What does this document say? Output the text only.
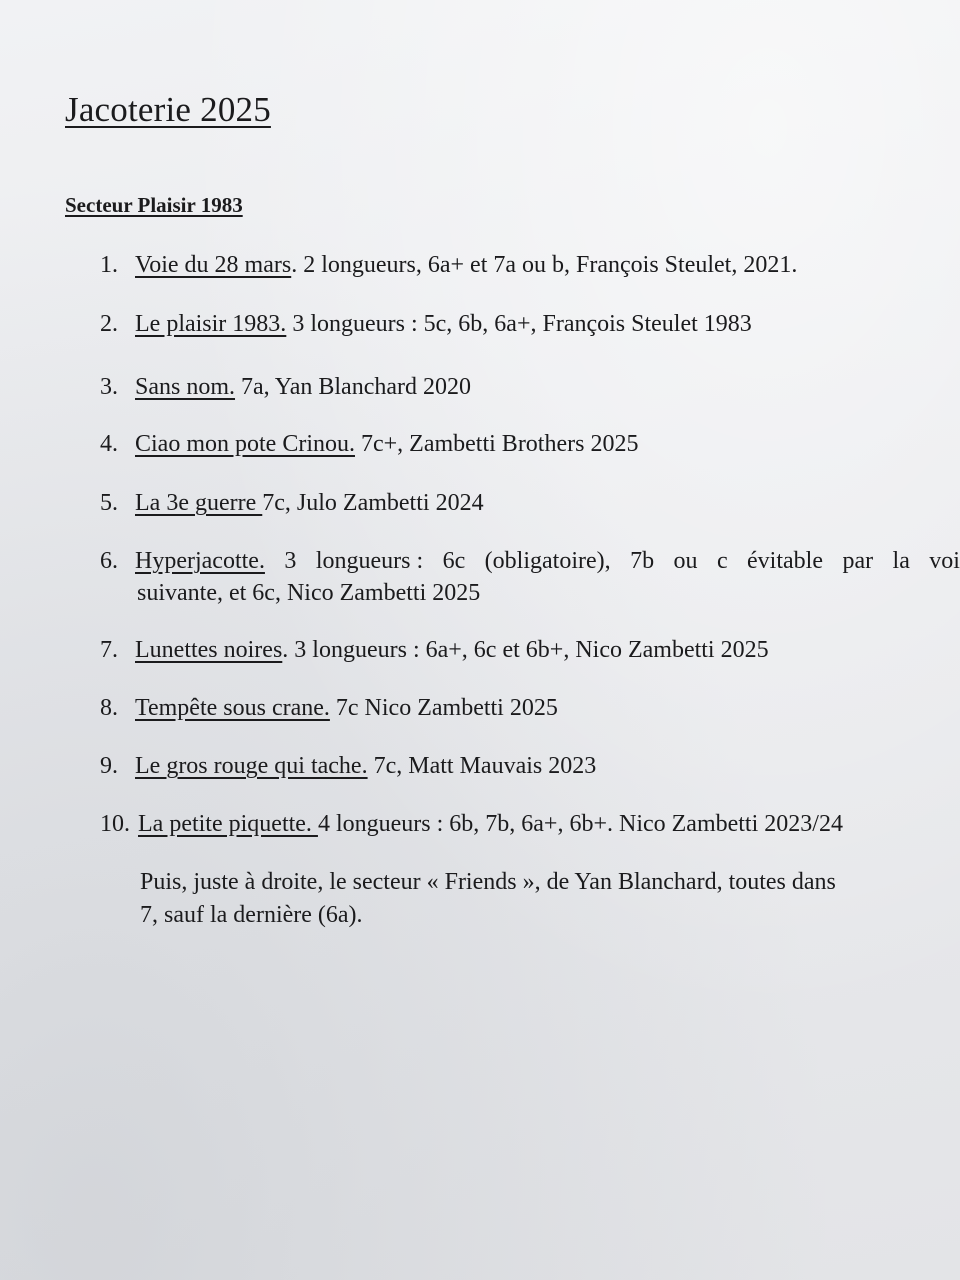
Jacoterie 2025
Secteur Plaisir 1983
1. Voie du 28 mars. 2 longueurs, 6a+ et 7a ou b, François Steulet, 2021.
2. Le plaisir 1983. 3 longueurs : 5c, 6b, 6a+, François Steulet 1983
3. Sans nom. 7a, Yan Blanchard 2020
4. Ciao mon pote Crinou. 7c+, Zambetti Brothers 2025
5. La 3e guerre 7c, Julo Zambetti 2024
6. Hyperjacotte. 3 longueurs : 6c (obligatoire), 7b ou c évitable par la voi
suivante, et 6c, Nico Zambetti 2025
7. Lunettes noires. 3 longueurs : 6a+, 6c et 6b+, Nico Zambetti 2025
8. Tempête sous crane. 7c Nico Zambetti 2025
9. Le gros rouge qui tache. 7c, Matt Mauvais 2023
10. La petite piquette. 4 longueurs : 6b, 7b, 6a+, 6b+. Nico Zambetti 2023/24
Puis, juste à droite, le secteur « Friends », de Yan Blanchard, toutes dans
7, sauf la dernière (6a).
